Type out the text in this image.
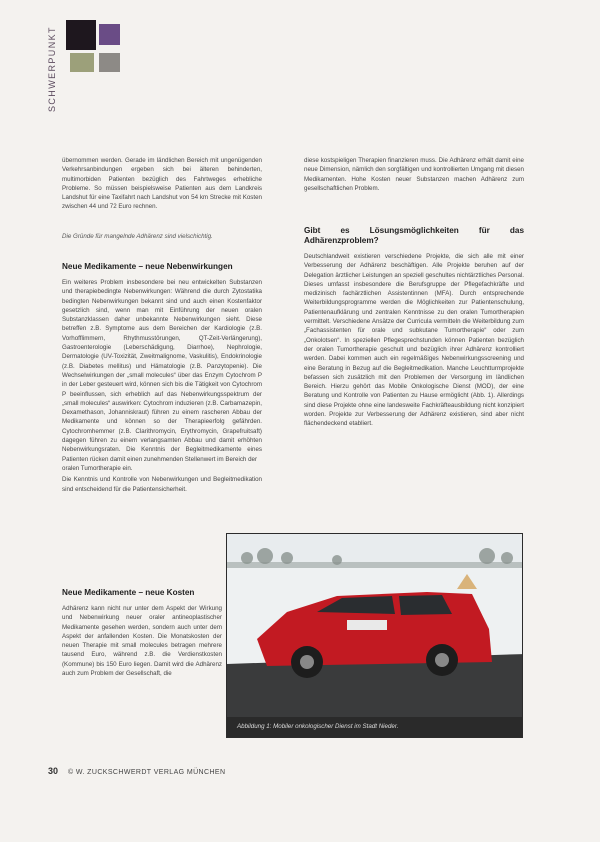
SCHWERPUNKT

übernommen werden. Gerade im ländlichen Bereich mit ungenügenden Verkehrsanbindungen ergeben sich bei älteren behinderten, multimorbiden Patienten bezüglich des Fahrtweges erhebliche Probleme. So müssen beispielsweise Patienten aus dem Landkreis Landshut für eine Taxifahrt nach Landshut von 54 km Strecke mit Kosten zwischen 44 und 72 Euro rechnen.

Die Gründe für mangelnde Adhärenz sind vielschichtig.

Neue Medikamente – neue Nebenwirkungen

Ein weiteres Problem insbesondere bei neu entwickelten Substanzen und therapiebedingte Nebenwirkungen: Während die durch Zytostatika bedingten Nebenwirkungen bekannt sind und auch einen Kostenfaktor gesetzlich sind, wenn man mit Einführung der neuen oralen Substanzklassen daher unbekannte Nebenwirkungen sieht. Diese betreffen z.B. Symptome aus dem Bereichen der Kardiologie (z.B. Vorhofflimmern, Rhythmusstörungen, QT-Zeit-Verlängerung), Gastroenterologie (Leberschädigung, Diarrhoe), Nephrologie, Dermatologie (UV-Toxizität, Zweitmalignome, Vaskulitis), Endokrinologie (z.B. Diabetes mellitus) und Hämatologie (z.B. Panzytopenie). Die Wechselwirkungen der „small molecules“ über das Enzym Cytochrom P in der Leber gesteuert wird, können sich bis die Tätigkeit von Cytochrom P beeinflussen, sich erheblich auf das Nebenwirkungsspektrum der „small molecules“ auswirken: Cytochrom induzieren (z.B. Carbamazepin, Dexamethason, Johanniskraut) führen zu einem rascheren Abbau der Medikamente und können so der Therapieerfolg gefährden. Cytochromhemmer (z.B. Clarithromycin, Erythromycin, Grapefruitsaft) dagegen führen zu einem verlangsamten Abbau und damit erhöhten Nebenwirkungsraten. Die Kenntnis der Begleitmedikamente eines Patienten rücken damit einen zunehmenden Stellenwert im Bereich der

oralen Tumortherapie ein.

Die Kenntnis und Kontrolle von Nebenwirkungen und Begleitmedikation sind entscheidend für die Patientensicherheit.

Neue Medikamente – neue Kosten

Adhärenz kann nicht nur unter dem Aspekt der Wirkung und Nebenwirkung neuer oraler antineoplastischer Medikamente gesehen werden, sondern auch unter dem Aspekt der anfallenden Kosten. Die Monatskosten der neuen Therapie mit small molecules betragen mehrere tausend Euro, während z.B. die Verdienstkosten (Kommune) bis 150 Euro liegen. Damit wird die Adhärenz auch zum Problem der Gesellschaft, die

diese kostspieligen Therapien finanzieren muss. Die Adhärenz erhält damit eine neue Dimension, nämlich den sorgfältigen und kontrollierten Umgang mit diesen Medikamenten. Hohe Kosten neuer Substanzen machen Adhärenz zum gesellschaftlichen Problem.

Gibt es Lösungsmöglichkeiten für das Adhärenzproblem?

Deutschlandweit existieren verschiedene Projekte, die sich alle mit einer Verbesserung der Adhärenz beschäftigen. Alle Projekte beruhen auf der Delegation ärztlicher Leistungen an speziell geschultes nichtärztliches Personal. Dieses umfasst insbesondere die Berufsgruppe der Pflegefachkräfte und medizinisch fachärztlichen Assistentinnen (MFA). Durch entsprechende Weiterbildungsprogramme werden die Möglichkeiten zur Patientenschulung, Patientenaufklärung und zentralen Kenntnisse zu den oralen Tumortherapien vermittelt. Verschiedene Ansätze der Curricula vermitteln die Weiterbildung zum „Fachassistenten für orale und subkutane Tumortherapie“ oder zum „Onkolotsen“. In speziellen Pflegesprechstunden können Patienten bezüglich der oralen Tumortherapie geschult und bezüglich ihrer Adhärenz kontrolliert werden. Dabei kommen auch ein regelmäßiges Nebenwirkungsscreening und eine Beratung in Bezug auf die Begleitmedikation. Manche Leuchtturmprojekte befassen sich zusätzlich mit den Problemen der Versorgung im ländlichen Bereich. Hierzu gehört das Mobile Onkologische Dienst (MOD), der eine Beratung und Kontrolle von Patienten zu Hause ermöglicht (Abb. 1). Allerdings sind diese Projekte ohne eine landesweite Fachkräfteausbildung nicht konzipiert worden. Projekte zur Verbesserung der Adhärenz existieren, sind aber nicht flächendeckend etabliert.

Abbildung 1: Mobiler onkologischer Dienst im Stadt Nieder.
30 © W. ZUCKSCHWERDT VERLAG MÜNCHEN
